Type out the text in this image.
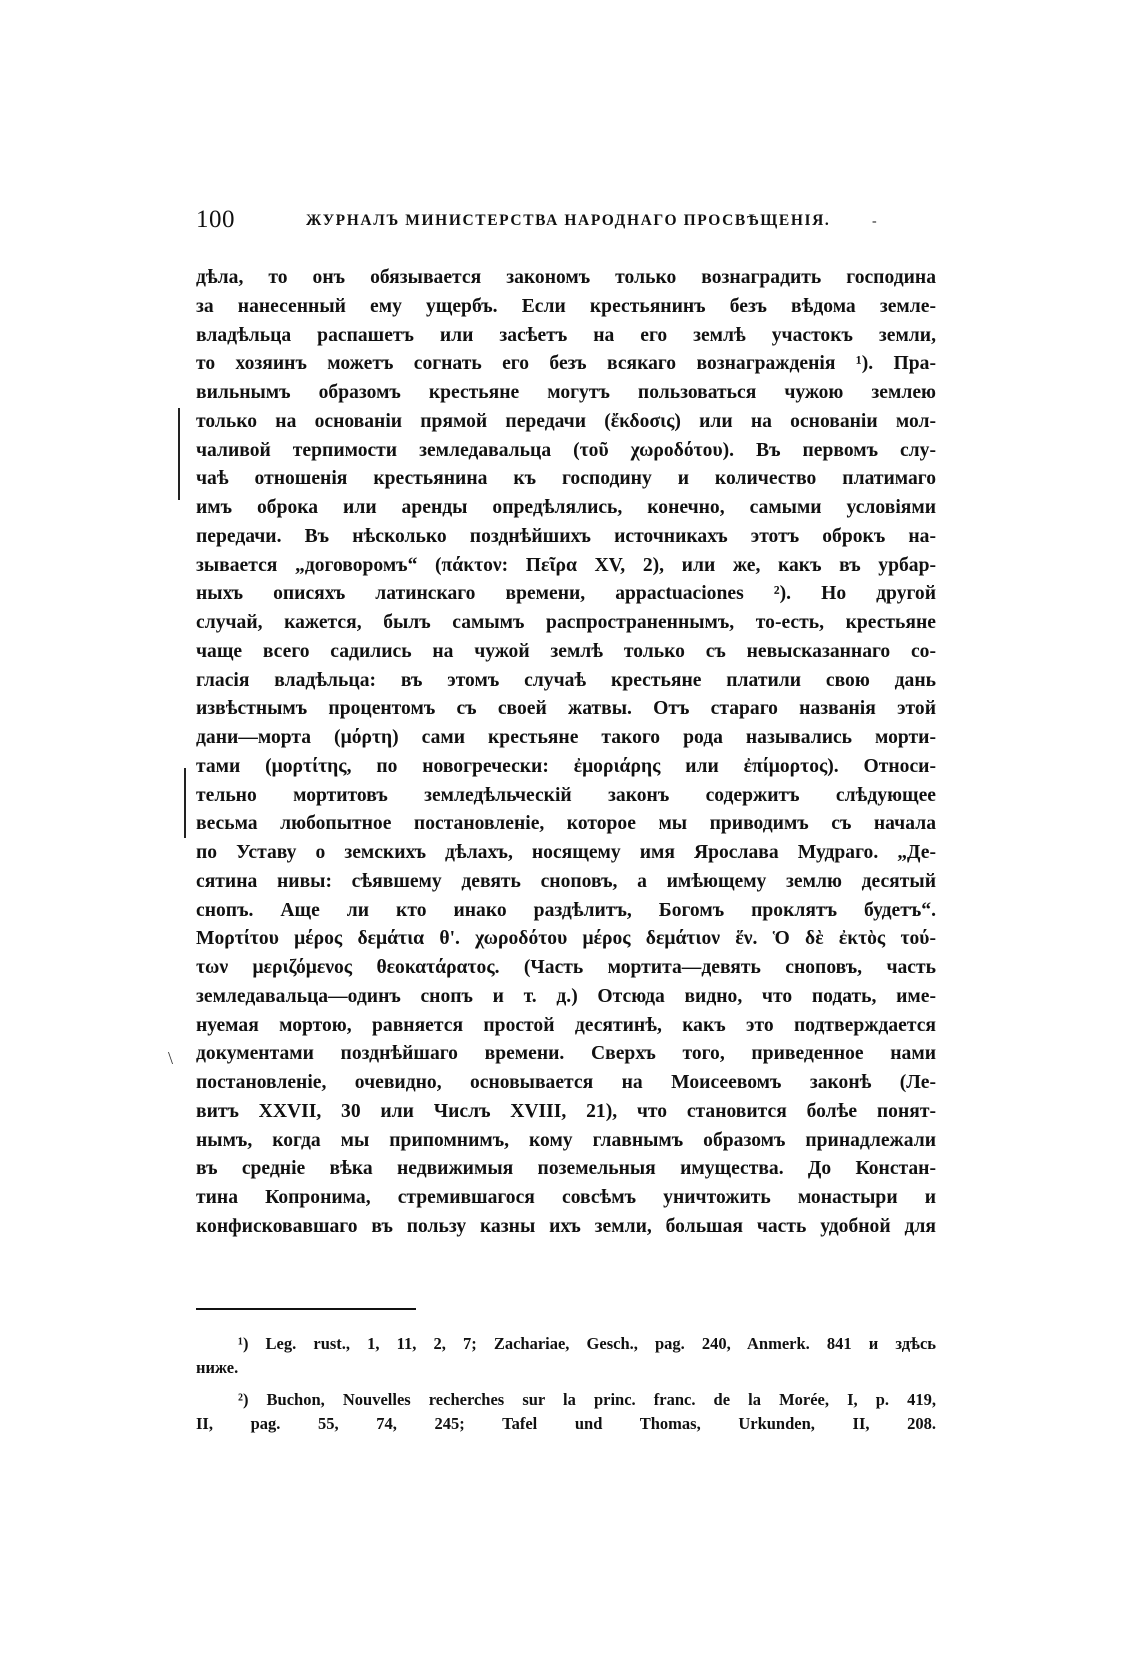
100	ЖУРНАЛЪ МИНИСТЕРСТВА НАРОДНАГО ПРОСВѢЩЕНІЯ.	-
\
дѣла, то онъ обязывается закономъ только вознаградить господина
за нанесенный ему ущербъ. Если крестьянинъ безъ вѣдома земле-
владѣльца распашетъ или засѣетъ на его землѣ участокъ земли,
то хозяинъ можетъ согнать его безъ всякаго вознагражденія ¹). Пра-
вильнымъ образомъ крестьяне могутъ пользоваться чужою землею
только на основаніи прямой передачи (ἔκδοσις) или на основаніи мол-
чаливой терпимости земледавальца (τοῦ χωροδότου). Въ первомъ слу-
чаѣ отношенія крестьянина къ господину и количество платимаго
имъ оброка или аренды опредѣлялись, конечно, самыми условіями
передачи. Въ нѣсколько позднѣйшихъ источникахъ этотъ оброкъ на-
зывается „договоромъ“ (πάκτον: Πεῖρα XV, 2), или же, какъ въ урбар-
ныхъ описяхъ латинскаго времени, appactuaciones ²). Но другой
случай, кажется, былъ самымъ распространеннымъ, то-есть, крестьяне
чаще всего садились на чужой землѣ только съ невысказаннаго со-
гласія владѣльца: въ этомъ случаѣ крестьяне платили свою дань
извѣстнымъ процентомъ съ своей жатвы. Отъ стараго названія этой
дани—морта (μόρτη) сами крестьяне такого рода назывались морти-
тами (μορτίτης, по новогречески: ἐμοριάρης или ἐπίμορτος). Относи-
тельно мортитовъ земледѣльческій законъ содержитъ слѣдующее
весьма любопытное постановленіе, которое мы приводимъ съ начала
по Уставу о земскихъ дѣлахъ, носящему имя Ярослава Мудраго. „Де-
сятина нивы: сѣявшему девять сноповъ, а имѣющему землю десятый
снопъ. Аще ли кто инако раздѣлитъ, Богомъ проклятъ будетъ“.
Μορτίτου μέρος δεμάτια θ'. χωροδότου μέρος δεμάτιον ἕν. Ὁ δὲ ἐκτὸς τού-
των μεριζόμενος θεοκατάρατος. (Часть мортита—девять сноповъ, часть
земледавальца—одинъ снопъ и т. д.) Отсюда видно, что подать, име-
нуемая мортою, равняется простой десятинѣ, какъ это подтверждается
документами позднѣйшаго времени. Сверхъ того, приведенное нами
постановленіе, очевидно, основывается на Моисеевомъ законѣ (Ле-
витъ XXVII, 30 или Числъ XVIII, 21), что становится болѣе понят-
нымъ, когда мы припомнимъ, кому главнымъ образомъ принадлежали
въ средніе вѣка недвижимыя поземельныя имущества. До Констан-
тина Копронима, стремившагося совсѣмъ уничтожить монастыри и
конфисковавшаго въ пользу казны ихъ земли, большая часть удобной для
¹) Leg. rust., 1, 11, 2, 7; Zachariae, Gesch., pag. 240, Anmerk. 841 и здѣсь
ниже.
²) Buchon, Nouvelles recherches sur la princ. franc. de la Morée, I, p. 419,
II, pag. 55, 74, 245; Tafel und Thomas, Urkunden, II, 208.
